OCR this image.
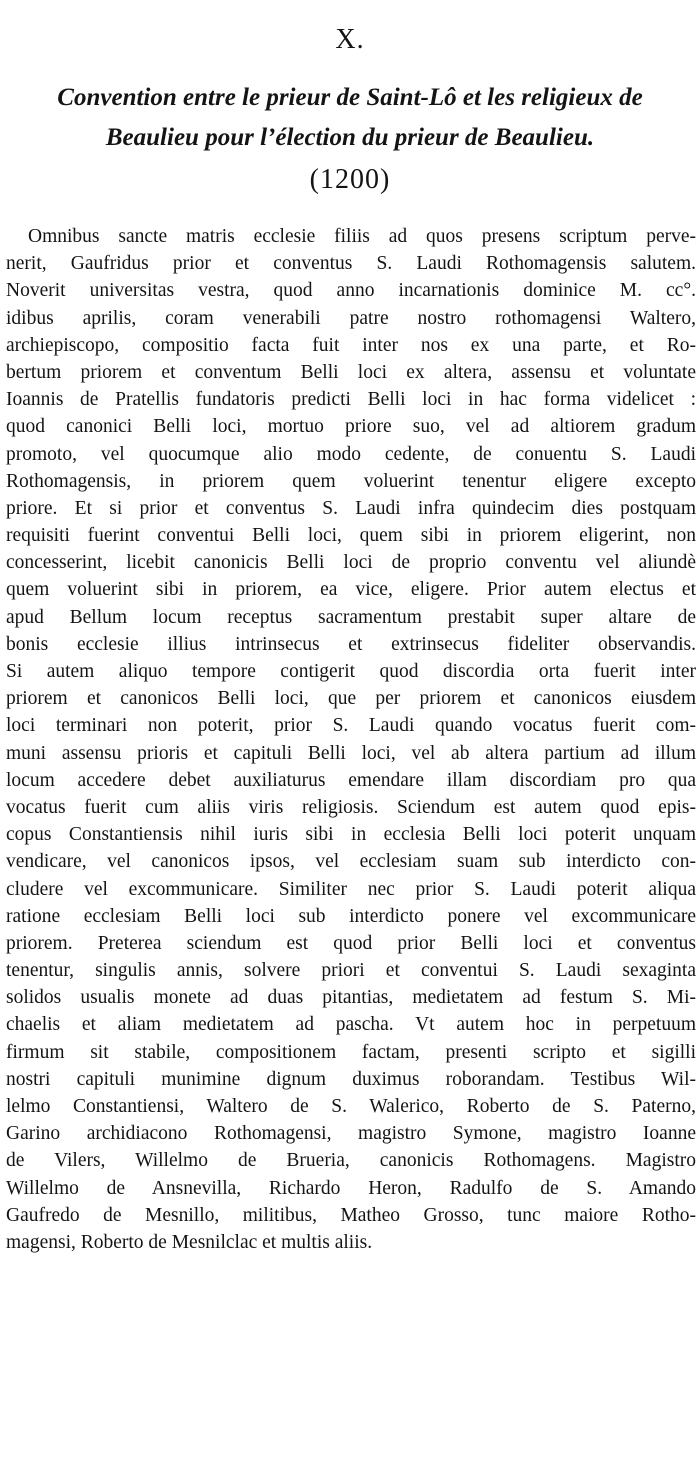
X.
Convention entre le prieur de Saint-Lô et les religieux de
Beaulieu pour l’élection du prieur de Beaulieu.
(1200)
Omnibus sancte matris ecclesie filiis ad quos presens scriptum perve-
nerit, Gaufridus prior et conventus S. Laudi Rothomagensis salutem.
Noverit universitas vestra, quod anno incarnationis dominice M. cc°.
idibus aprilis, coram venerabili patre nostro rothomagensi Waltero,
archiepiscopo, compositio facta fuit inter nos ex una parte, et Ro-
bertum priorem et conventum Belli loci ex altera, assensu et voluntate
Ioannis de Pratellis fundatoris predicti Belli loci in hac forma videlicet :
quod canonici Belli loci, mortuo priore suo, vel ad altiorem gradum
promoto, vel quocumque alio modo cedente, de conuentu S. Laudi
Rothomagensis, in priorem quem voluerint tenentur eligere excepto
priore. Et si prior et conventus S. Laudi infra quindecim dies postquam
requisiti fuerint conventui Belli loci, quem sibi in priorem eligerint, non
concesserint, licebit canonicis Belli loci de proprio conventu vel aliundè
quem voluerint sibi in priorem, ea vice, eligere. Prior autem electus et
apud Bellum locum receptus sacramentum prestabit super altare de
bonis ecclesie illius intrinsecus et extrinsecus fideliter observandis.
Si autem aliquo tempore contigerit quod discordia orta fuerit inter
priorem et canonicos Belli loci, que per priorem et canonicos eiusdem
loci terminari non poterit, prior S. Laudi quando vocatus fuerit com-
muni assensu prioris et capituli Belli loci, vel ab altera partium ad illum
locum accedere debet auxiliaturus emendare illam discordiam pro qua
vocatus fuerit cum aliis viris religiosis. Sciendum est autem quod epis-
copus Constantiensis nihil iuris sibi in ecclesia Belli loci poterit unquam
vendicare, vel canonicos ipsos, vel ecclesiam suam sub interdicto con-
cludere vel excommunicare. Similiter nec prior S. Laudi poterit aliqua
ratione ecclesiam Belli loci sub interdicto ponere vel excommunicare
priorem. Preterea sciendum est quod prior Belli loci et conventus
tenentur, singulis annis, solvere priori et conventui S. Laudi sexaginta
solidos usualis monete ad duas pitantias, medietatem ad festum S. Mi-
chaelis et aliam medietatem ad pascha. Vt autem hoc in perpetuum
firmum sit stabile, compositionem factam, presenti scripto et sigilli
nostri capituli munimine dignum duximus roborandam. Testibus Wil-
lelmo Constantiensi, Waltero de S. Walerico, Roberto de S. Paterno,
Garino archidiacono Rothomagensi, magistro Symone, magistro Ioanne
de Vilers, Willelmo de Brueria, canonicis Rothomagens. Magistro
Willelmo de Ansnevilla, Richardo Heron, Radulfo de S. Amando
Gaufredo de Mesnillo, militibus, Matheo Grosso, tunc maiore Rotho-
magensi, Roberto de Mesnilclac et multis aliis.
